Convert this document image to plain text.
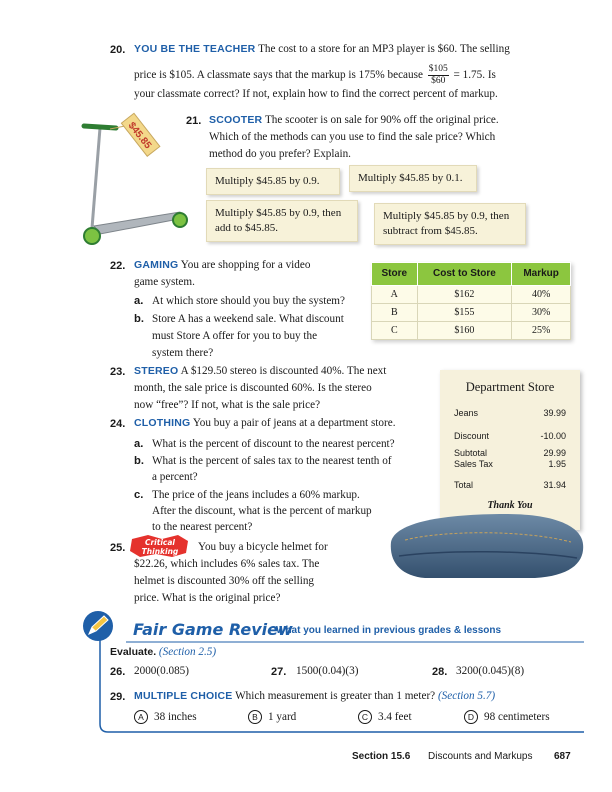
20. YOU BE THE TEACHER The cost to a store for an MP3 player is $60. The selling
price is $105. A classmate says that the markup is 175% because $\frac{\$105}{\$60} = 1.75$. Is
your classmate correct? If not, explain how to find the correct percent of markup.
$45.85	21. SCOOTER The scooter is on sale for 90% off the original price.
Which of the methods can you use to find the sale price? Which
method do you prefer? Explain.
Multiply $45.85 by 0.9.	Multiply $45.85 by 0.1.
Multiply $45.85 by 0.9, then
add to $45.85.
Multiply $45.85 by 0.9, then
subtract from $45.85.
22. GAMING You are shopping for a video
game system.
a. At which store should you buy the system?
b. Store A has a weekend sale. What discount
must Store A offer for you to buy the
system there?
Store	Cost to Store	Markup
A	$162	40%
B	$155	30%
C	$160	25%
23. STEREO A $129.50 stereo is discounted 40%. The next
month, the sale price is discounted 60%. Is the stereo
now “free”? If not, what is the sale price?
Department Store
Jeans	39.99
Discount	-10.00
Subtotal	29.99
Sales Tax	1.95
Total	31.94
Thank You
24. CLOTHING You buy a pair of jeans at a department store.
a. What is the percent of discount to the nearest percent?
b. What is the percent of sales tax to the nearest tenth of
a percent?
c. The price of the jeans includes a 60% markup.
After the discount, what is the percent of markup
to the nearest percent?
25.	Critical
Thinking You buy a bicycle helmet for
$22.26, which includes 6% sales tax. The
helmet is discounted 30% off the selling
price. What is the original price?
Fair Game Review
What you learned in previous grades & lessons
Evaluate. (Section 2.5)
26. 2000(0.085)	27. 1500(0.04)(3)	28. 3200(0.045)(8)
29. MULTIPLE CHOICE Which measurement is greater than 1 meter? (Section 5.7)
A 38 inches	B 1 yard	C 3.4 feet	D 98 centimeters
Section 15.6 Discounts and Markups 687
